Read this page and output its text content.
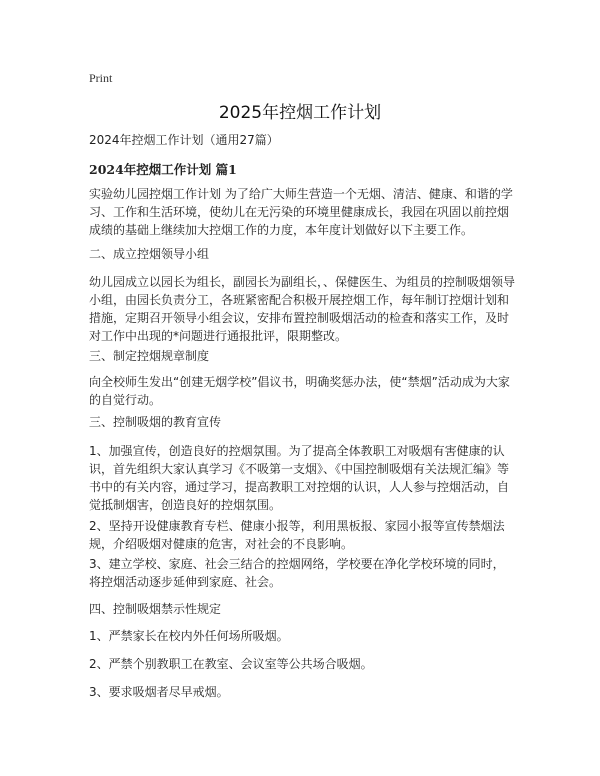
Print
2025年控烟工作计划
2024年控烟工作计划（通用27篇）
2024年控烟工作计划 篇1

实验幼儿园控烟工作计划 为了给广大师生营造一个无烟、清洁、健康、和谐的学习、工作和生活环境，使幼儿在无污染的环境里健康成长，我园在巩固以前控烟成绩的基础上继续加大控烟工作的力度，本年度计划做好以下主要工作。

二、成立控烟领导小组

幼儿园成立以园长为组长，副园长为副组长，、保健医生、为组员的控制吸烟领导小组，由园长负责分工，各班紧密配合积极开展控烟工作，每年制订控烟计划和措施，定期召开领导小组会议，安排布置控制吸烟活动的检查和落实工作，及时对工作中出现的*问题进行通报批评，限期整改。

三、制定控烟规章制度

向全校师生发出“创建无烟学校”倡议书，明确奖惩办法，使“禁烟”活动成为大家的自觉行动。

三、控制吸烟的教育宣传

1、加强宣传，创造良好的控烟氛围。为了提高全体教职工对吸烟有害健康的认识，首先组织大家认真学习《不吸第一支烟》、《中国控制吸烟有关法规汇编》等书中的有关内容，通过学习，提高教职工对控烟的认识，人人参与控烟活动，自觉抵制烟害，创造良好的控烟氛围。

2、坚持开设健康教育专栏、健康小报等，利用黑板报、家园小报等宣传禁烟法规，介绍吸烟对健康的危害，对社会的不良影响。

3、建立学校、家庭、社会三结合的控烟网络，学校要在净化学校环境的同时，将控烟活动逐步延伸到家庭、社会。

四、控制吸烟禁示性规定

1、严禁家长在校内外任何场所吸烟。

2、严禁个别教职工在教室、会议室等公共场合吸烟。

3、要求吸烟者尽早戒烟。
